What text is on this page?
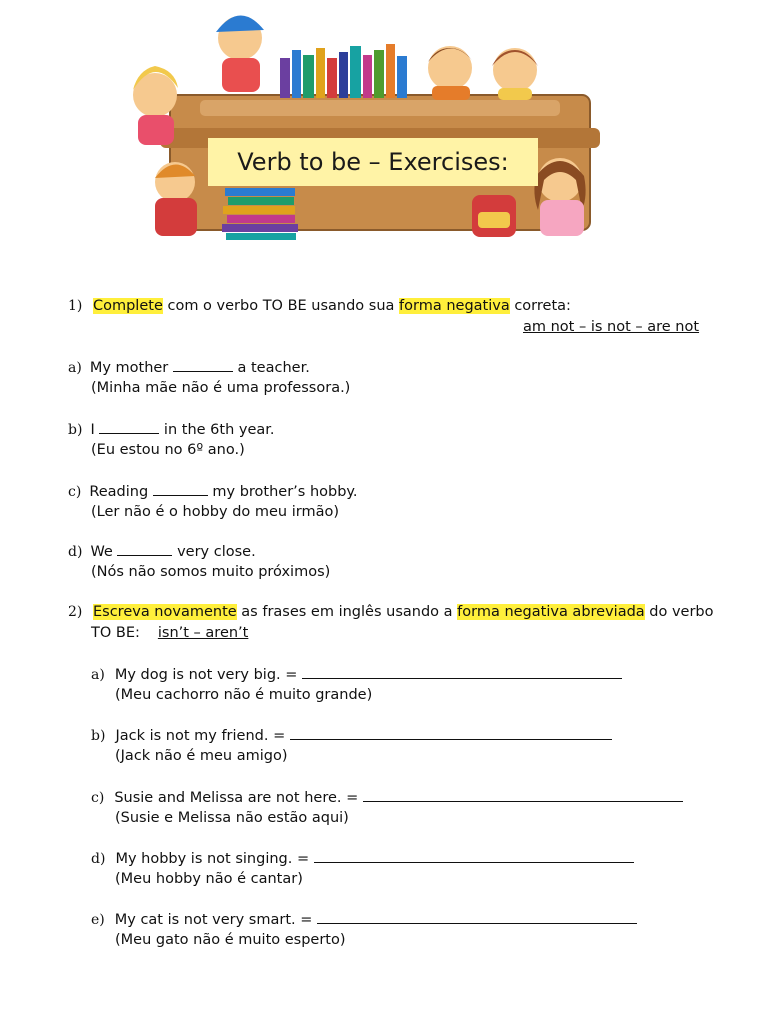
Verb to be – Exercises:
1) Complete com o verbo TO BE usando sua forma negativa correta:
am not – is not – are not
a) My mother	a teacher.
(Minha mãe não é uma professora.)
b) I	in the 6th year.
(Eu estou no 6º ano.)
c) Reading	my brother’s hobby.
(Ler não é o hobby do meu irmão)
d) We	very close.
(Nós não somos muito próximos)
2) Escreva novamente as frases em inglês usando a forma negativa abreviada do verbo
TO BE: isn’t – aren’t
a) My dog is not very big. =
(Meu cachorro não é muito grande)
b) Jack is not my friend. =
(Jack não é meu amigo)
c) Susie and Melissa are not here. =
(Susie e Melissa não estão aqui)
d) My hobby is not singing. =
(Meu hobby não é cantar)
e) My cat is not very smart. =
(Meu gato não é muito esperto)
